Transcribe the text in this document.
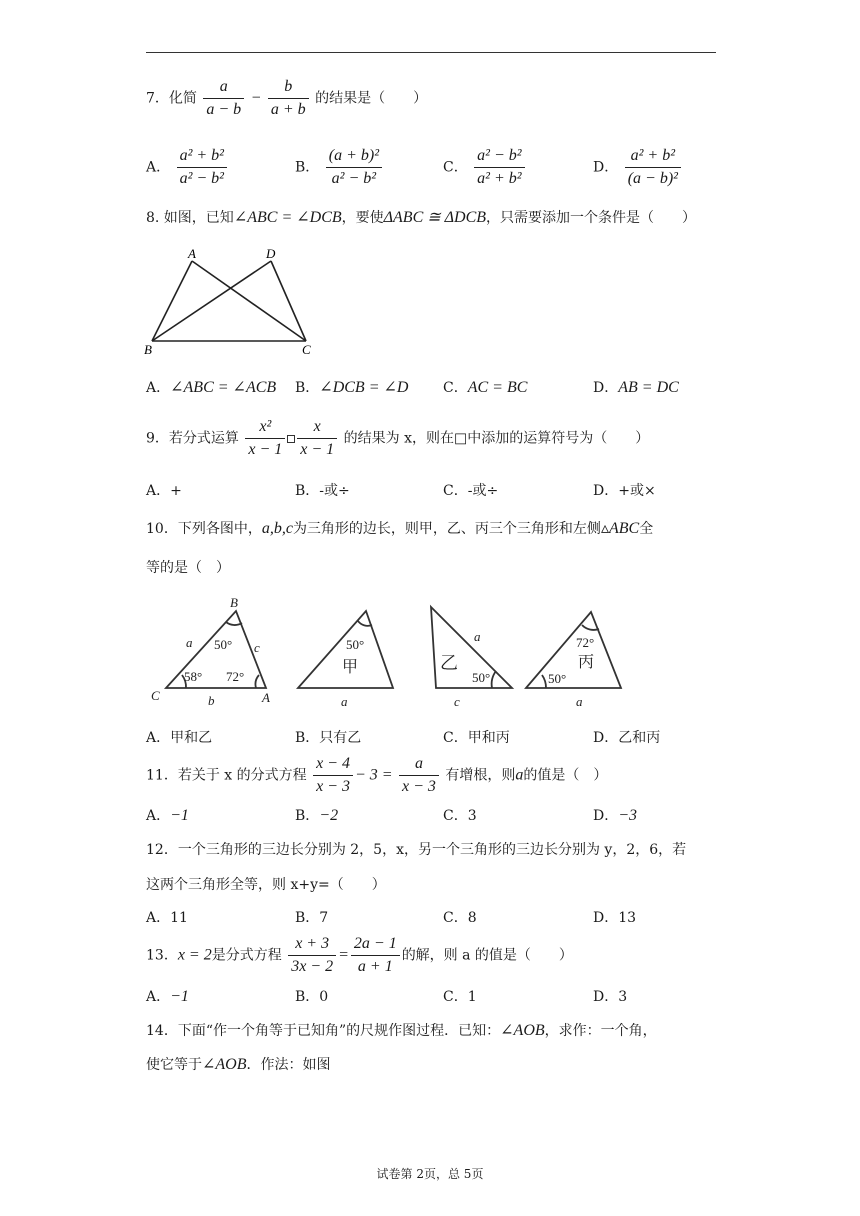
7．化简 $\frac{a}{a - b} - \frac{b}{a + b}$ 的结果是（　　）
A． $\frac{\text{a² + b²}}{\text{a² − b²}}$	B． $\frac{\text{(a + b)²}}{\text{a² − b²}}$	C． $\frac{\text{a² − b²}}{\text{a² + b²}}$	D． $\frac{\text{a² + b²}}{\text{(a − b)²}}$
8. 如图，已知∠ABC = ∠DCB，要使ΔABC ≅ ΔDCB，只需要添加一个条件是（　　）
A	D
B	C
A．∠ABC = ∠ACB B．∠DCB = ∠D C．AC = BC	D．AB = DC
9．若分式运算 $\frac{\text{x²}}{x - 1} \frac{x}{x - 1}$ 的结果为 x，则在□中添加的运算符号为（　　）
A．+	B．-或÷	C．-或÷	D．+或×
10．下列各图中，a,b,c为三角形的边长，则甲，乙、丙三个三角形和左侧▵ABC全
等的是（　）
B
C	A
a
b
c
50°
58° 72°
50°
甲
a
a
乙
50°
c
72°
丙
50°
a
A．甲和乙	B．只有乙	C．甲和丙	D．乙和丙
11．若关于 x 的分式方程 $\frac{x - 4}{x - 3} - 3 = \frac{a}{x - 3}$ 有增根，则a的值是（　）
A．−1	B．−2	C．3	D．−3
12．一个三角形的三边长分别为 2，5，x，另一个三角形的三边长分别为 y，2，6，若
这两个三角形全等，则 x+y=（　　）
A．11	B．7	C．8	D．13
13．x = 2是分式方程 $\frac{x + 3}{3x - 2} = \frac{2a - 1}{a + 1}$ 的解，则 a 的值是（　　）
A．−1	B．0	C．1	D．3
14．下面“作一个角等于已知角”的尺规作图过程．已知：∠AOB，求作：一个角，
使它等于∠AOB．作法：如图
试卷第 2页，总 5页
